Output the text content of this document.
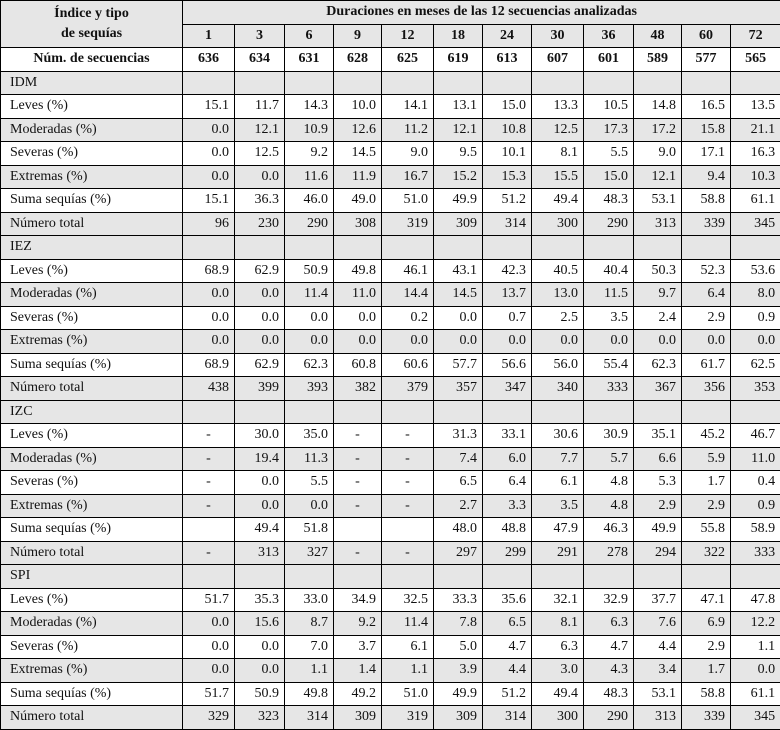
Índice y tipo
de sequías	Duraciones en meses de las 12 secuencias analizadas											
	1	3	6	9	12	18	24	30	36	48	60	72
Núm. de secuencias	636	634	631	628	625	619	613	607	601	589	577	565
IDM												
Leves (%)	15.1	11.7	14.3	10.0	14.1	13.1	15.0	13.3	10.5	14.8	16.5	13.5
Moderadas (%)	0.0	12.1	10.9	12.6	11.2	12.1	10.8	12.5	17.3	17.2	15.8	21.1
Severas (%)	0.0	12.5	9.2	14.5	9.0	9.5	10.1	8.1	5.5	9.0	17.1	16.3
Extremas (%)	0.0	0.0	11.6	11.9	16.7	15.2	15.3	15.5	15.0	12.1	9.4	10.3
Suma sequías (%)	15.1	36.3	46.0	49.0	51.0	49.9	51.2	49.4	48.3	53.1	58.8	61.1
Número total	96	230	290	308	319	309	314	300	290	313	339	345
IEZ												
Leves (%)	68.9	62.9	50.9	49.8	46.1	43.1	42.3	40.5	40.4	50.3	52.3	53.6
Moderadas (%)	0.0	0.0	11.4	11.0	14.4	14.5	13.7	13.0	11.5	9.7	6.4	8.0
Severas (%)	0.0	0.0	0.0	0.0	0.2	0.0	0.7	2.5	3.5	2.4	2.9	0.9
Extremas (%)	0.0	0.0	0.0	0.0	0.0	0.0	0.0	0.0	0.0	0.0	0.0	0.0
Suma sequías (%)	68.9	62.9	62.3	60.8	60.6	57.7	56.6	56.0	55.4	62.3	61.7	62.5
Número total	438	399	393	382	379	357	347	340	333	367	356	353
IZC												
Leves (%)	-	30.0	35.0	-	-	31.3	33.1	30.6	30.9	35.1	45.2	46.7
Moderadas (%)	-	19.4	11.3	-	-	7.4	6.0	7.7	5.7	6.6	5.9	11.0
Severas (%)	-	0.0	5.5	-	-	6.5	6.4	6.1	4.8	5.3	1.7	0.4
Extremas (%)	-	0.0	0.0	-	-	2.7	3.3	3.5	4.8	2.9	2.9	0.9
Suma sequías (%)		49.4	51.8			48.0	48.8	47.9	46.3	49.9	55.8	58.9
Número total	-	313	327	-	-	297	299	291	278	294	322	333
SPI												
Leves (%)	51.7	35.3	33.0	34.9	32.5	33.3	35.6	32.1	32.9	37.7	47.1	47.8
Moderadas (%)	0.0	15.6	8.7	9.2	11.4	7.8	6.5	8.1	6.3	7.6	6.9	12.2
Severas (%)	0.0	0.0	7.0	3.7	6.1	5.0	4.7	6.3	4.7	4.4	2.9	1.1
Extremas (%)	0.0	0.0	1.1	1.4	1.1	3.9	4.4	3.0	4.3	3.4	1.7	0.0
Suma sequías (%)	51.7	50.9	49.8	49.2	51.0	49.9	51.2	49.4	48.3	53.1	58.8	61.1
Número total	329	323	314	309	319	309	314	300	290	313	339	345
